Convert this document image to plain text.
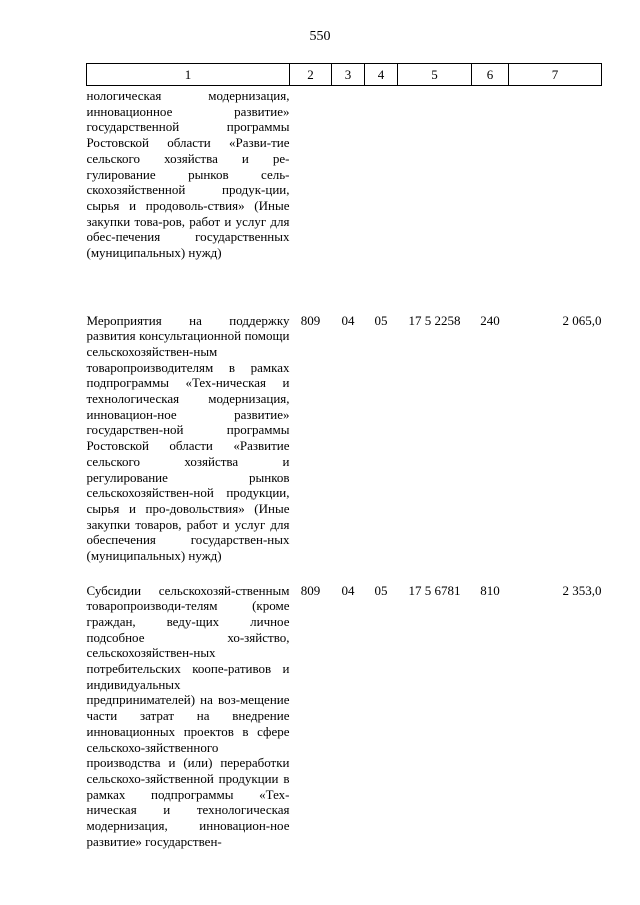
550
1	2	3	4	5	6	7
нологическая модернизация, инновационное развитие» государственной программы Ростовской области «Разви-тие сельского хозяйства и ре-гулирование рынков сель-скохозяйственной продук-ции, сырья и продоволь-ствия» (Иные закупки това-ров, работ и услуг для обес-печения государственных (муниципальных) нужд)						
Мероприятия на поддержку развития консультационной помощи сельскохозяйствен-ным товаропроизводителям в рамках подпрограммы «Тех-ническая и технологическая модернизация, инновацион-ное развитие» государствен-ной программы Ростовской области «Развитие сельского хозяйства и регулирование рынков сельскохозяйствен-ной продукции, сырья и про-довольствия» (Иные закупки товаров, работ и услуг для обеспечения государствен-ных (муниципальных) нужд)	809	04	05	17 5 2258	240	2 065,0
Субсидии сельскохозяй-ственным товаропроизводи-телям (кроме граждан, веду-щих личное подсобное хо-зяйство, сельскохозяйствен-ных потребительских коопе-ративов и индивидуальных предпринимателей) на воз-мещение части затрат на внедрение инновационных проектов в сфере сельскохо-зяйственного производства и (или) переработки сельскохо-зяйственной продукции в рамках подпрограммы «Тех-ническая и технологическая модернизация, инновацион-ное развитие» государствен-	809	04	05	17 5 6781	810	2 353,0
